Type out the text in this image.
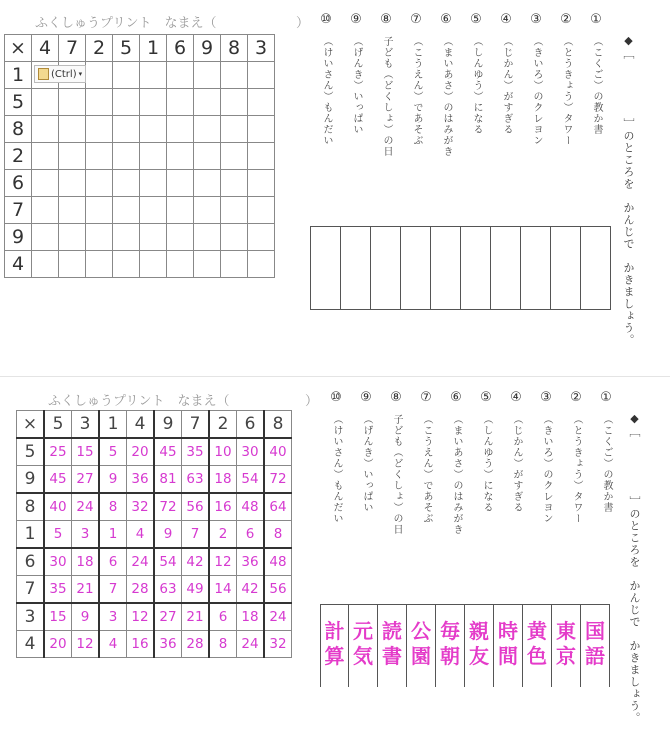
ふくしゅうプリント　なまえ（	）
×	4	7	2	5	1	6	9	8	3
1									
5									
8									
2									
6									
7									
9									
4									
(Ctrl) ▾
①
（こくご）の教か書
②
（とうきょう）タワー
③
（きいろ）のクレヨン
④
（じかん）がすぎる
⑤
（しんゆう）になる
⑥
（まいあさ）のはみがき
⑦
（こうえん）であそぶ
⑧
子ども（どくしょ）の日
⑨
（げんき）いっぱい
⑩
（けいさん）もんだい	◆［］のところを　かんじで　かきましょう。
ふくしゅうプリント　なまえ（	）
×	5	3	1	4	9	7	2	6	8
5	25	15	5	20	45	35	10	30	40
9	45	27	9	36	81	63	18	54	72
8	40	24	8	32	72	56	16	48	64
1	5	3	1	4	9	7	2	6	8
6	30	18	6	24	54	42	12	36	48
7	35	21	7	28	63	49	14	42	56
3	15	9	3	12	27	21	6	18	24
4	20	12	4	16	36	28	8	24	32
①
（こくご）の教か書
②
（とうきょう）タワー
③
（きいろ）のクレヨン
④
（じかん）がすぎる
⑤
（しんゆう）になる
⑥
（まいあさ）のはみがき
⑦
（こうえん）であそぶ
⑧
子ども（どくしょ）の日
⑨
（げんき）いっぱい
⑩
（けいさん）もんだい	◆［］のところを　かんじで　かきましょう。
計
算
元
気
読
書
公
園
毎
朝
親
友
時
間
黄
色
東
京
国
語
